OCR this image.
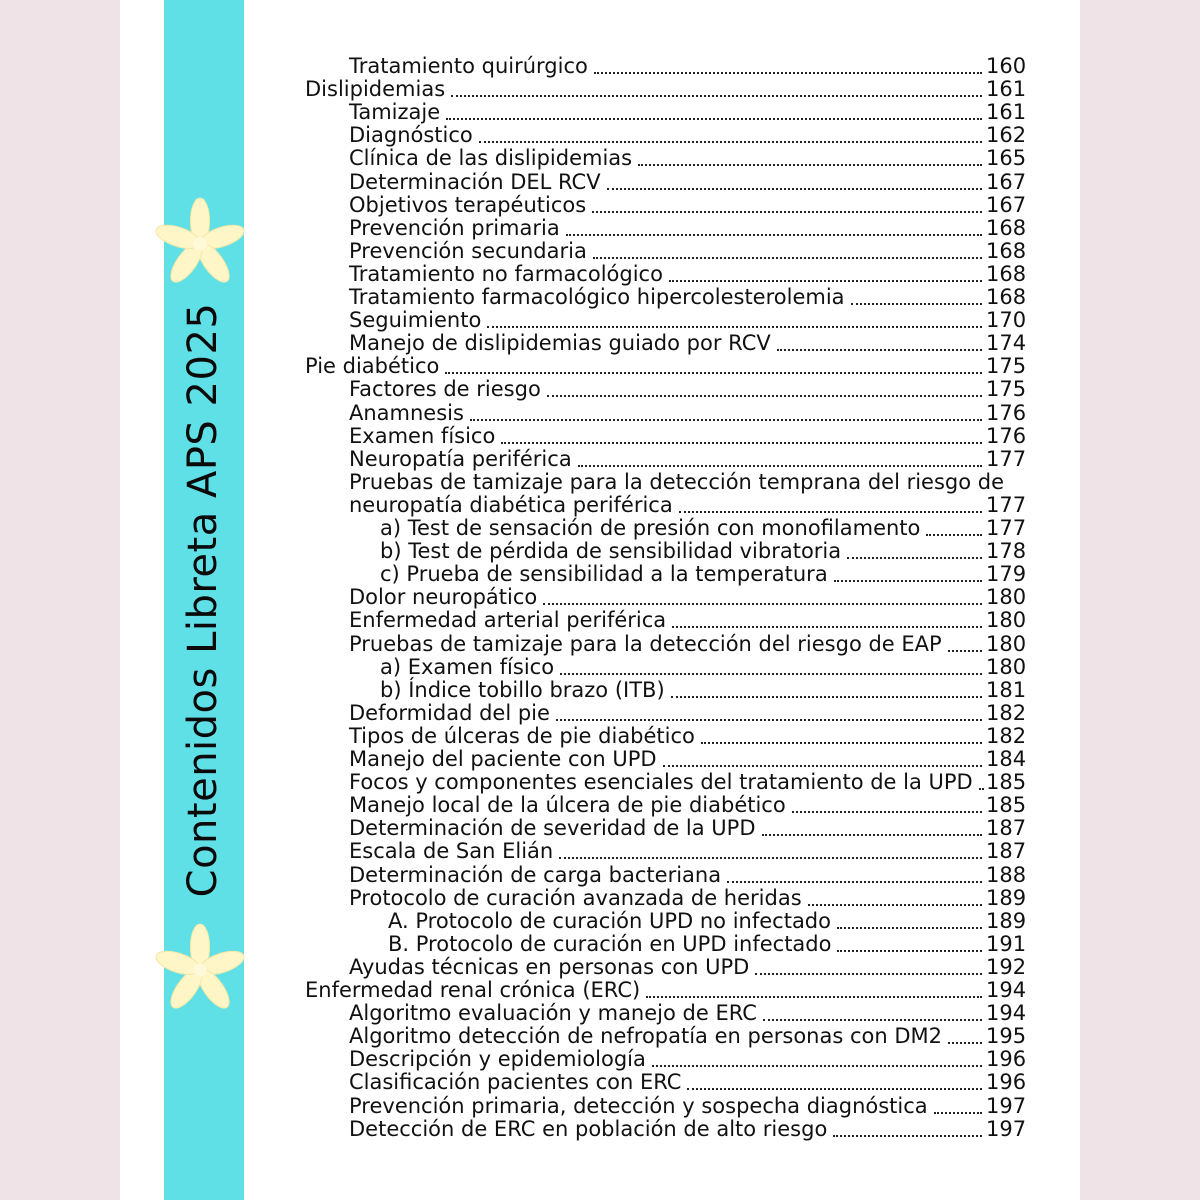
Contenidos Libreta APS 2025
Tratamiento quirúrgico	160
Dislipidemias	161
Tamizaje	161
Diagnóstico	162
Clínica de las dislipidemias	165
Determinación DEL RCV	167
Objetivos terapéuticos	167
Prevención primaria	168
Prevención secundaria	168
Tratamiento no farmacológico	168
Tratamiento farmacológico hipercolesterolemia	168
Seguimiento	170
Manejo de dislipidemias guiado por RCV	174
Pie diabético	175
Factores de riesgo	175
Anamnesis	176
Examen físico	176
Neuropatía periférica	177
Pruebas de tamizaje para la detección temprana del riesgo de
neuropatía diabética periférica	177
a) Test de sensación de presión con monofilamento	177
b) Test de pérdida de sensibilidad vibratoria	178
c) Prueba de sensibilidad a la temperatura	179
Dolor neuropático	180
Enfermedad arterial periférica	180
Pruebas de tamizaje para la detección del riesgo de EAP 180
a) Examen físico	180
b) Índice tobillo brazo (ITB)	181
Deformidad del pie	182
Tipos de úlceras de pie diabético	182
Manejo del paciente con UPD	184
Focos y componentes esenciales del tratamiento de la UPD 185
Manejo local de la úlcera de pie diabético	185
Determinación de severidad de la UPD	187
Escala de San Elián	187
Determinación de carga bacteriana	188
Protocolo de curación avanzada de heridas	189
A. Protocolo de curación UPD no infectado	189
B. Protocolo de curación en UPD infectado	191
Ayudas técnicas en personas con UPD	192
Enfermedad renal crónica (ERC)	194
Algoritmo evaluación y manejo de ERC	194
Algoritmo detección de nefropatía en personas con DM2 195
Descripción y epidemiología	196
Clasificación pacientes con ERC	196
Prevención primaria, detección y sospecha diagnóstica	197
Detección de ERC en población de alto riesgo	197
